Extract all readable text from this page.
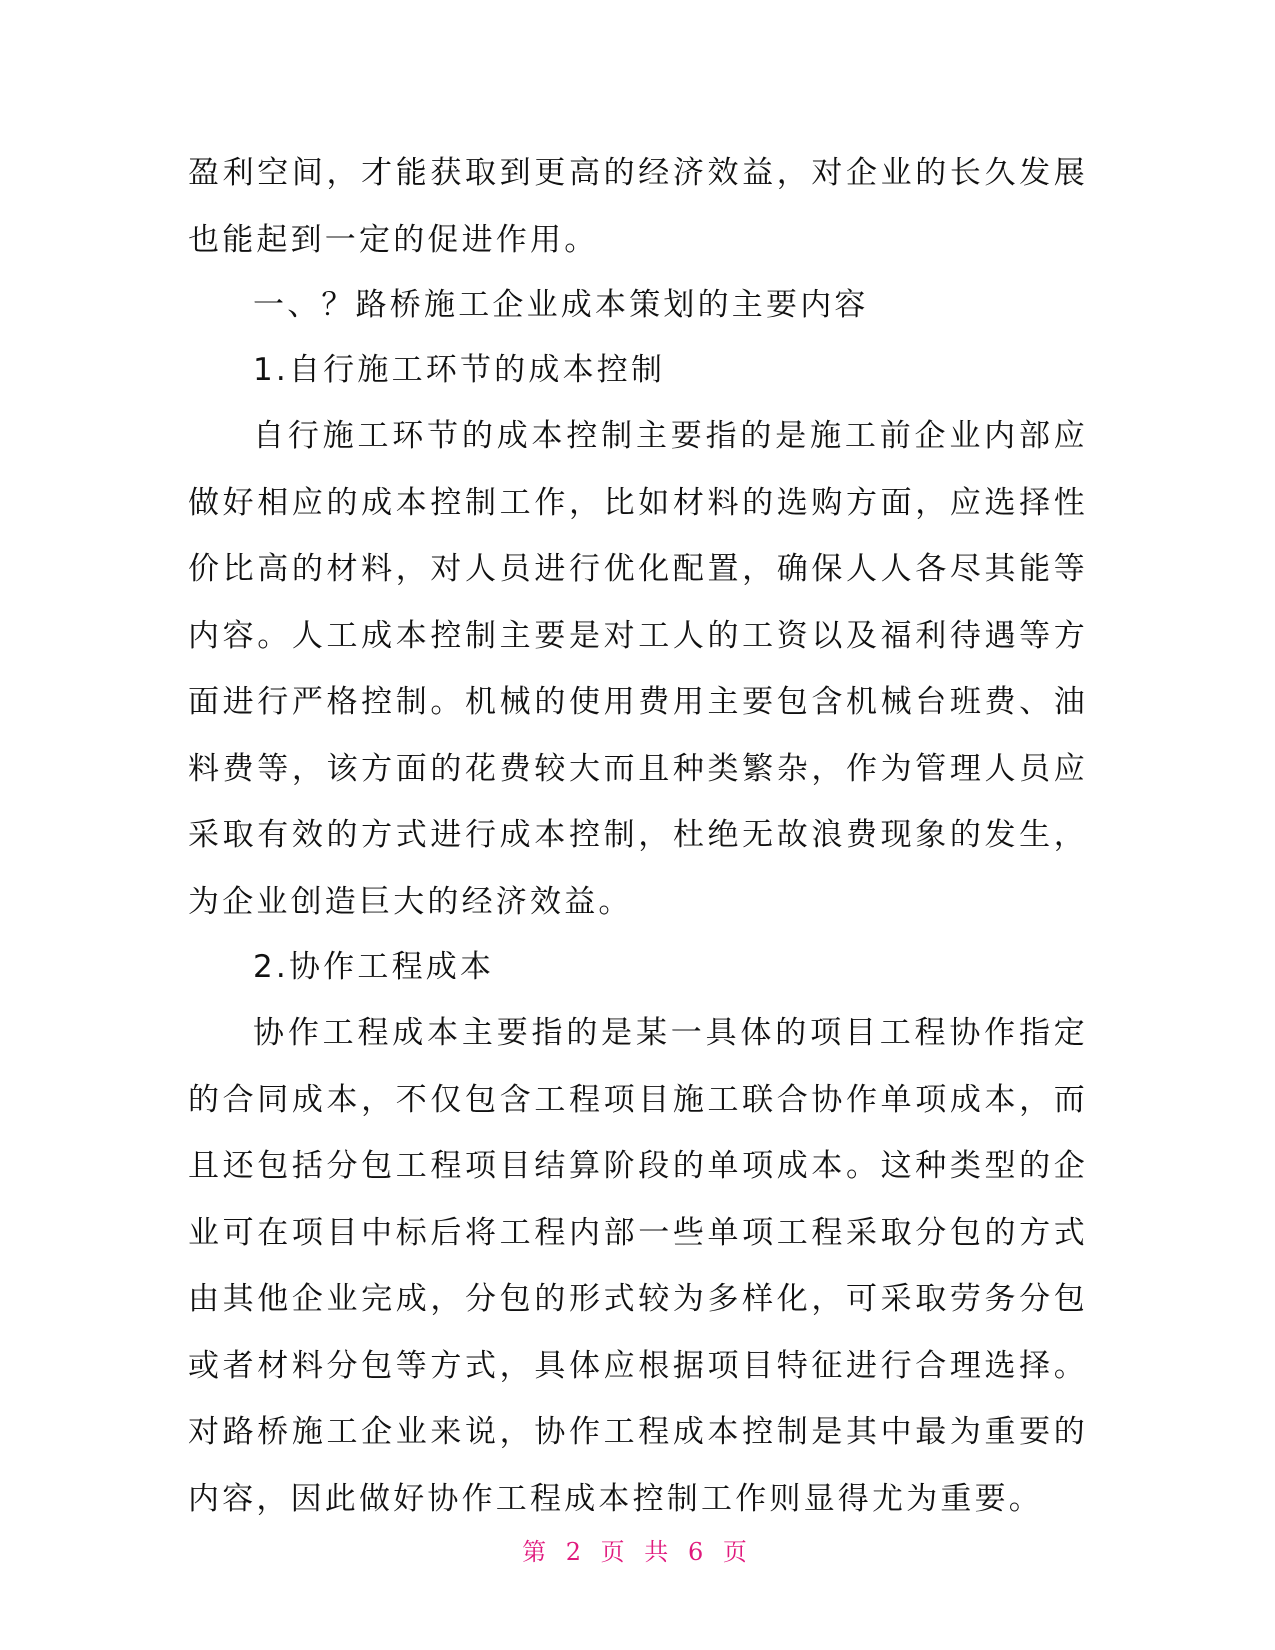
盈利空间，才能获取到更高的经济效益，对企业的长久发展也能起到一定的促进作用。

一、？路桥施工企业成本策划的主要内容

1.自行施工环节的成本控制

自行施工环节的成本控制主要指的是施工前企业内部应做好相应的成本控制工作，比如材料的选购方面，应选择性价比高的材料，对人员进行优化配置，确保人人各尽其能等内容。人工成本控制主要是对工人的工资以及福利待遇等方面进行严格控制。机械的使用费用主要包含机械台班费、油料费等，该方面的花费较大而且种类繁杂，作为管理人员应采取有效的方式进行成本控制，杜绝无故浪费现象的发生，为企业创造巨大的经济效益。

2.协作工程成本

协作工程成本主要指的是某一具体的项目工程协作指定的合同成本，不仅包含工程项目施工联合协作单项成本，而且还包括分包工程项目结算阶段的单项成本。这种类型的企业可在项目中标后将工程内部一些单项工程采取分包的方式由其他企业完成，分包的形式较为多样化，可采取劳务分包或者材料分包等方式，具体应根据项目特征进行合理选择。对路桥施工企业来说，协作工程成本控制是其中最为重要的内容，因此做好协作工程成本控制工作则显得尤为重要。

第 2 页 共 6 页
